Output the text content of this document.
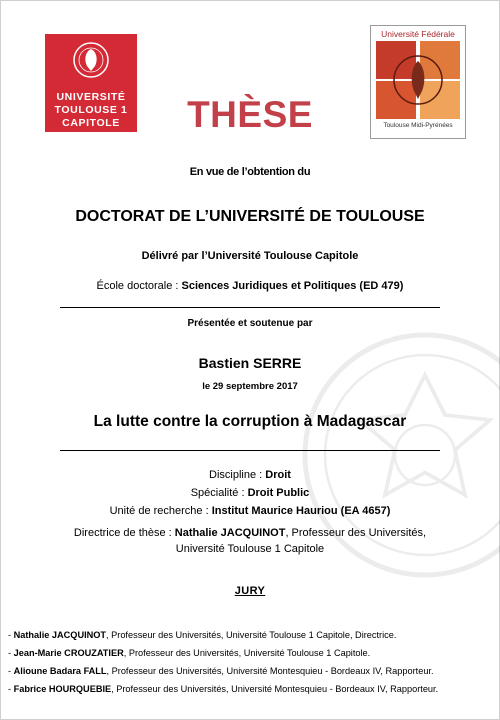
UNIVERSITÉ
TOULOUSE 1
CAPITOLE
Université Fédérale
Toulouse Midi-Pyrénées
THÈSE
En vue de l’obtention du
DOCTORAT DE L’UNIVERSITÉ DE TOULOUSE
Délivré par l’Université Toulouse Capitole
École doctorale : Sciences Juridiques et Politiques (ED 479)
Présentée et soutenue par
Bastien SERRE
le 29 septembre 2017
La lutte contre la corruption à Madagascar
Discipline : Droit
Spécialité : Droit Public
Unité de recherche : Institut Maurice Hauriou (EA 4657)
Directrice de thèse : Nathalie JACQUINOT, Professeur des Universités,
Université Toulouse 1 Capitole
JURY
- Nathalie JACQUINOT, Professeur des Universités, Université Toulouse 1 Capitole, Directrice.
- Jean-Marie CROUZATIER, Professeur des Universités, Université Toulouse 1 Capitole.
- Alioune Badara FALL, Professeur des Universités, Université Montesquieu - Bordeaux IV, Rapporteur.
- Fabrice HOURQUEBIE, Professeur des Universités, Université Montesquieu - Bordeaux IV, Rapporteur.
